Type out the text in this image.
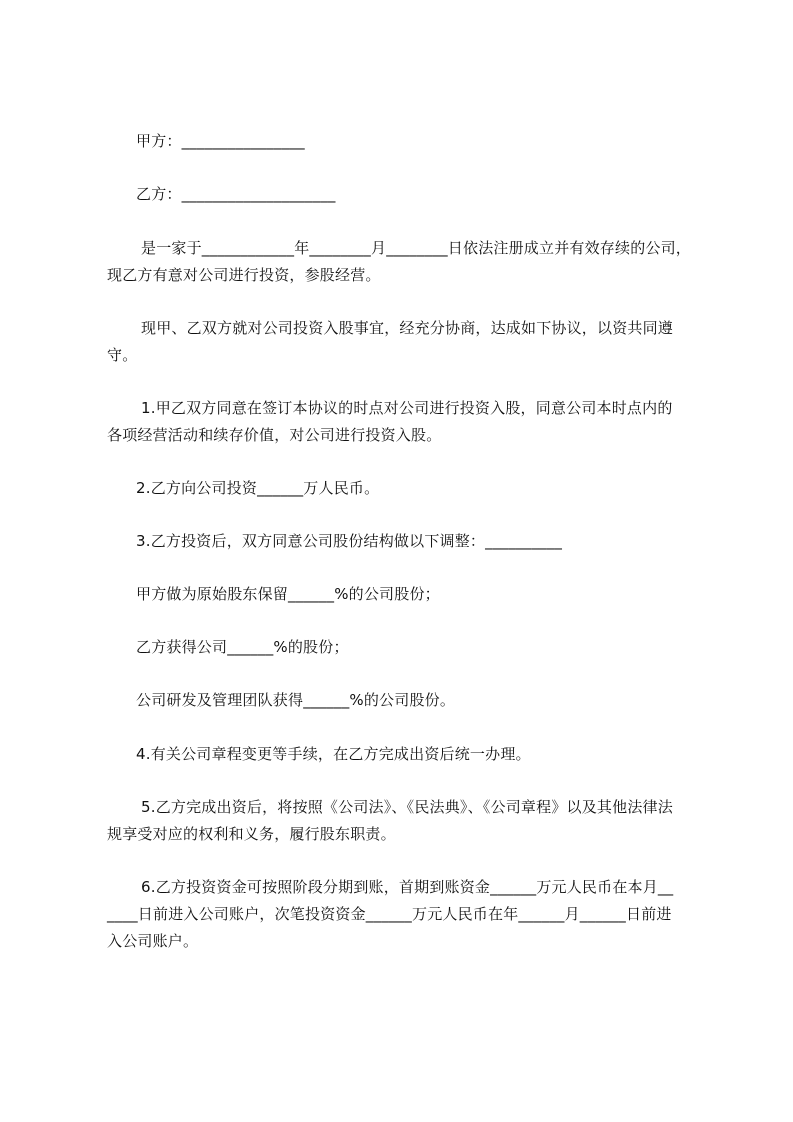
甲方：________________
乙方：____________________
是一家于____________年________月________日依法注册成立并有效存续的公司，
现乙方有意对公司进行投资，参股经营。
现甲、乙双方就对公司投资入股事宜，经充分协商，达成如下协议，以资共同遵
守。
1.甲乙双方同意在签订本协议的时点对公司进行投资入股，同意公司本时点内的
各项经营活动和续存价值，对公司进行投资入股。
2.乙方向公司投资______万人民币。
3.乙方投资后，双方同意公司股份结构做以下调整：__________
甲方做为原始股东保留______%的公司股份；
乙方获得公司______%的股份；
公司研发及管理团队获得______%的公司股份。
4.有关公司章程变更等手续，在乙方完成出资后统一办理。
5.乙方完成出资后，将按照《公司法》、《民法典》、《公司章程》以及其他法律法
规享受对应的权利和义务，履行股东职责。
6.乙方投资资金可按照阶段分期到账，首期到账资金______万元人民币在本月__
____日前进入公司账户，次笔投资资金______万元人民币在年______月______日前进
入公司账户。
